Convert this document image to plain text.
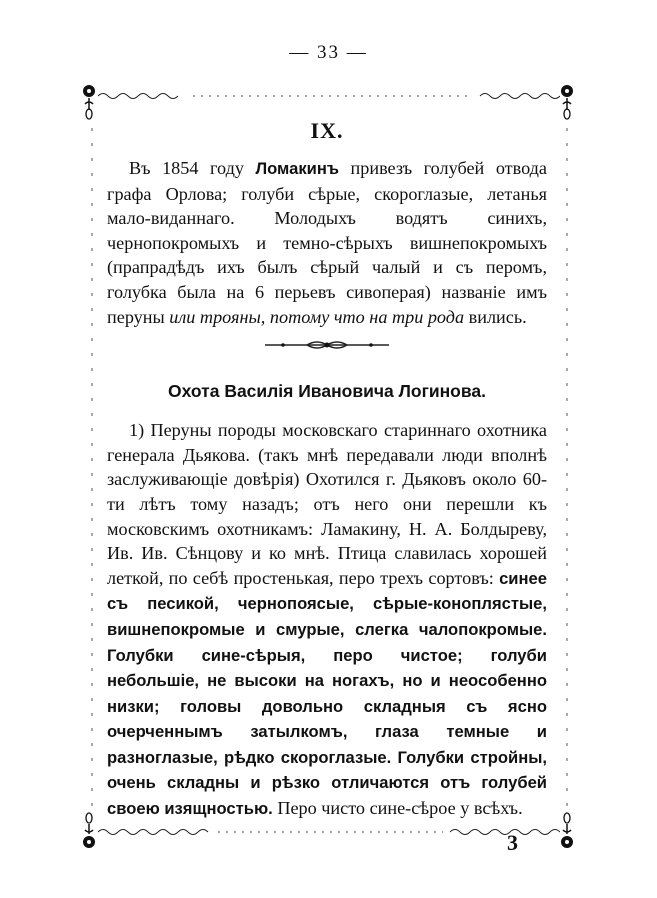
— 33 —
IX.

Въ 1854 году Ломакинъ привезъ голубей отвода графа Орлова; голуби сѣрые, скороглазые, летанья мало-виданнаго. Молодыхъ водятъ синихъ, чернопокромыхъ и темно-сѣрыхъ вишнепокромыхъ (прапрадѣдъ ихъ былъ сѣрый чалый и съ перомъ, голубка была на 6 перьевъ сивоперая) названіе имъ перуны или трояны, потому что на три рода вились.

Охота Василія Ивановича Логинова.

1) Перуны породы московскаго стариннаго охотника генерала Дьякова. (такъ мнѣ передавали люди вполнѣ заслуживающіе довѣрія) Охотился г. Дьяковъ около 60-ти лѣтъ тому назадъ; отъ него они перешли къ московскимъ охотникамъ: Ламакину, Н. А. Болдыреву, Ив. Ив. Сѣнцову и ко мнѣ. Птица славилась хорошей леткой, по себѣ простенькая, перо трехъ сортовъ: синее съ песикой, чернопоясые, сѣрые-коноплястые, вишнепокромые и смурые, слегка чалопокромые. Голубки сине-сѣрыя, перо чистое; голуби небольшіе, не высоки на ногахъ, но и неособенно низки; головы довольно складныя съ ясно очерченнымъ затылкомъ, глаза темные и разноглазые, рѣдко скороглазые. Голубки стройны, очень складны и рѣзко отличаются отъ голубей своею изящностью. Перо чисто сине-сѣрое у всѣхъ.

3
